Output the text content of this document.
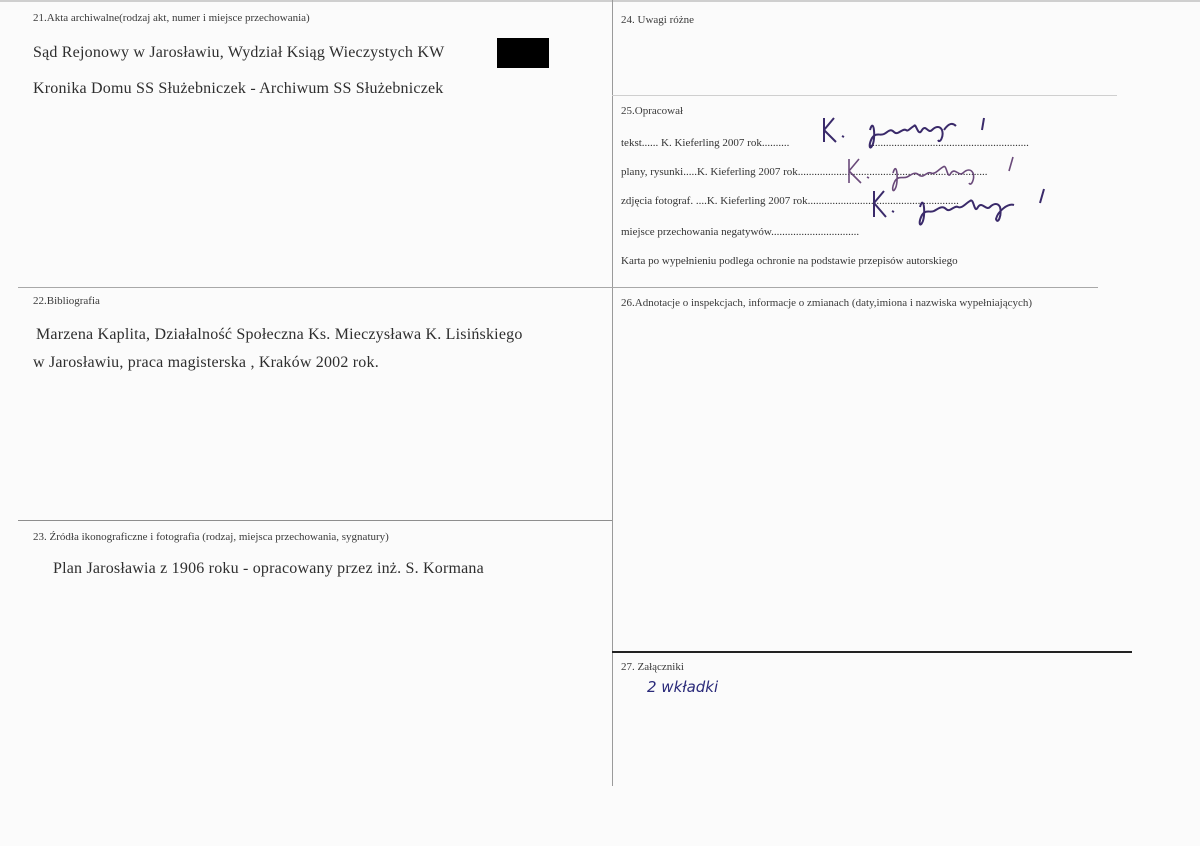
21.Akta archiwalne(rodzaj akt, numer i miejsce przechowania)
Sąd Rejonowy w Jarosławiu, Wydział Ksiąg Wieczystych KW
Kronika Domu SS Służebniczek - Archiwum SS Służebniczek
24. Uwagi różne
25.Opracował
tekst...... K. Kieferling 2007 rok..........	..........................................................
plany, rysunki.....K. Kieferling 2007 rok.....................................................................
zdjęcia fotograf. ....K. Kieferling 2007 rok.......................................................
miejsce przechowania negatywów................................
Karta po wypełnieniu podlega ochronie na podstawie przepisów autorskiego
22.Bibliografia
Marzena Kaplita, Działalność Społeczna Ks. Mieczysława K. Lisińskiego
w Jarosławiu, praca magisterska , Kraków 2002 rok.
26.Adnotacje o inspekcjach, informacje o zmianach (daty,imiona i nazwiska wypełniających)
23. Źródła ikonograficzne i fotografia (rodzaj, miejsca przechowania, sygnatury)
Plan Jarosławia z 1906 roku - opracowany przez inż. S. Kormana
27. Załączniki
2 wkładki
